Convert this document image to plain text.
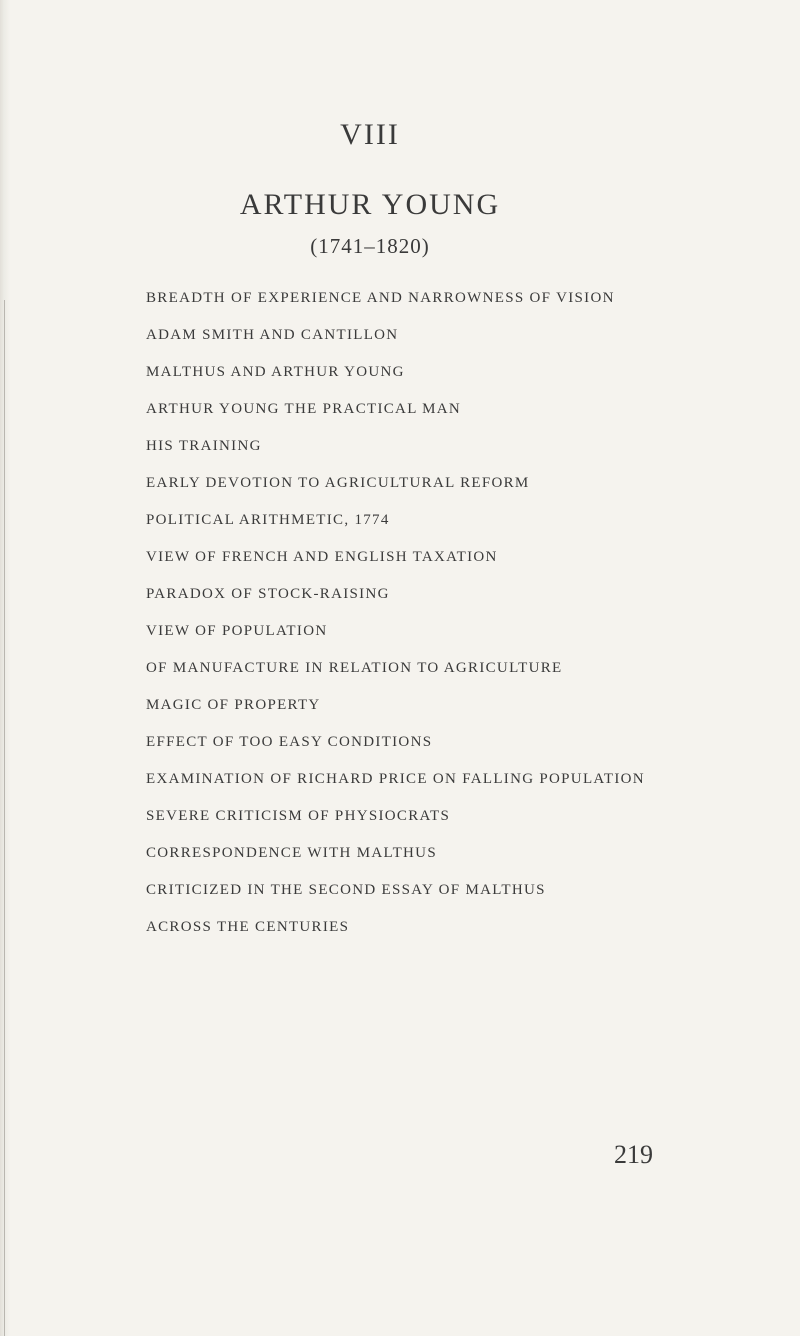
VIII
ARTHUR YOUNG
(1741–1820)
BREADTH OF EXPERIENCE AND NARROWNESS OF VISION
ADAM SMITH AND CANTILLON
MALTHUS AND ARTHUR YOUNG
ARTHUR YOUNG THE PRACTICAL MAN
HIS TRAINING
EARLY DEVOTION TO AGRICULTURAL REFORM
POLITICAL ARITHMETIC, 1774
VIEW OF FRENCH AND ENGLISH TAXATION
PARADOX OF STOCK-RAISING
VIEW OF POPULATION
OF MANUFACTURE IN RELATION TO AGRICULTURE
MAGIC OF PROPERTY
EFFECT OF TOO EASY CONDITIONS
EXAMINATION OF RICHARD PRICE ON FALLING POPULATION
SEVERE CRITICISM OF PHYSIOCRATS
CORRESPONDENCE WITH MALTHUS
CRITICIZED IN THE SECOND ESSAY OF MALTHUS
ACROSS THE CENTURIES
219
